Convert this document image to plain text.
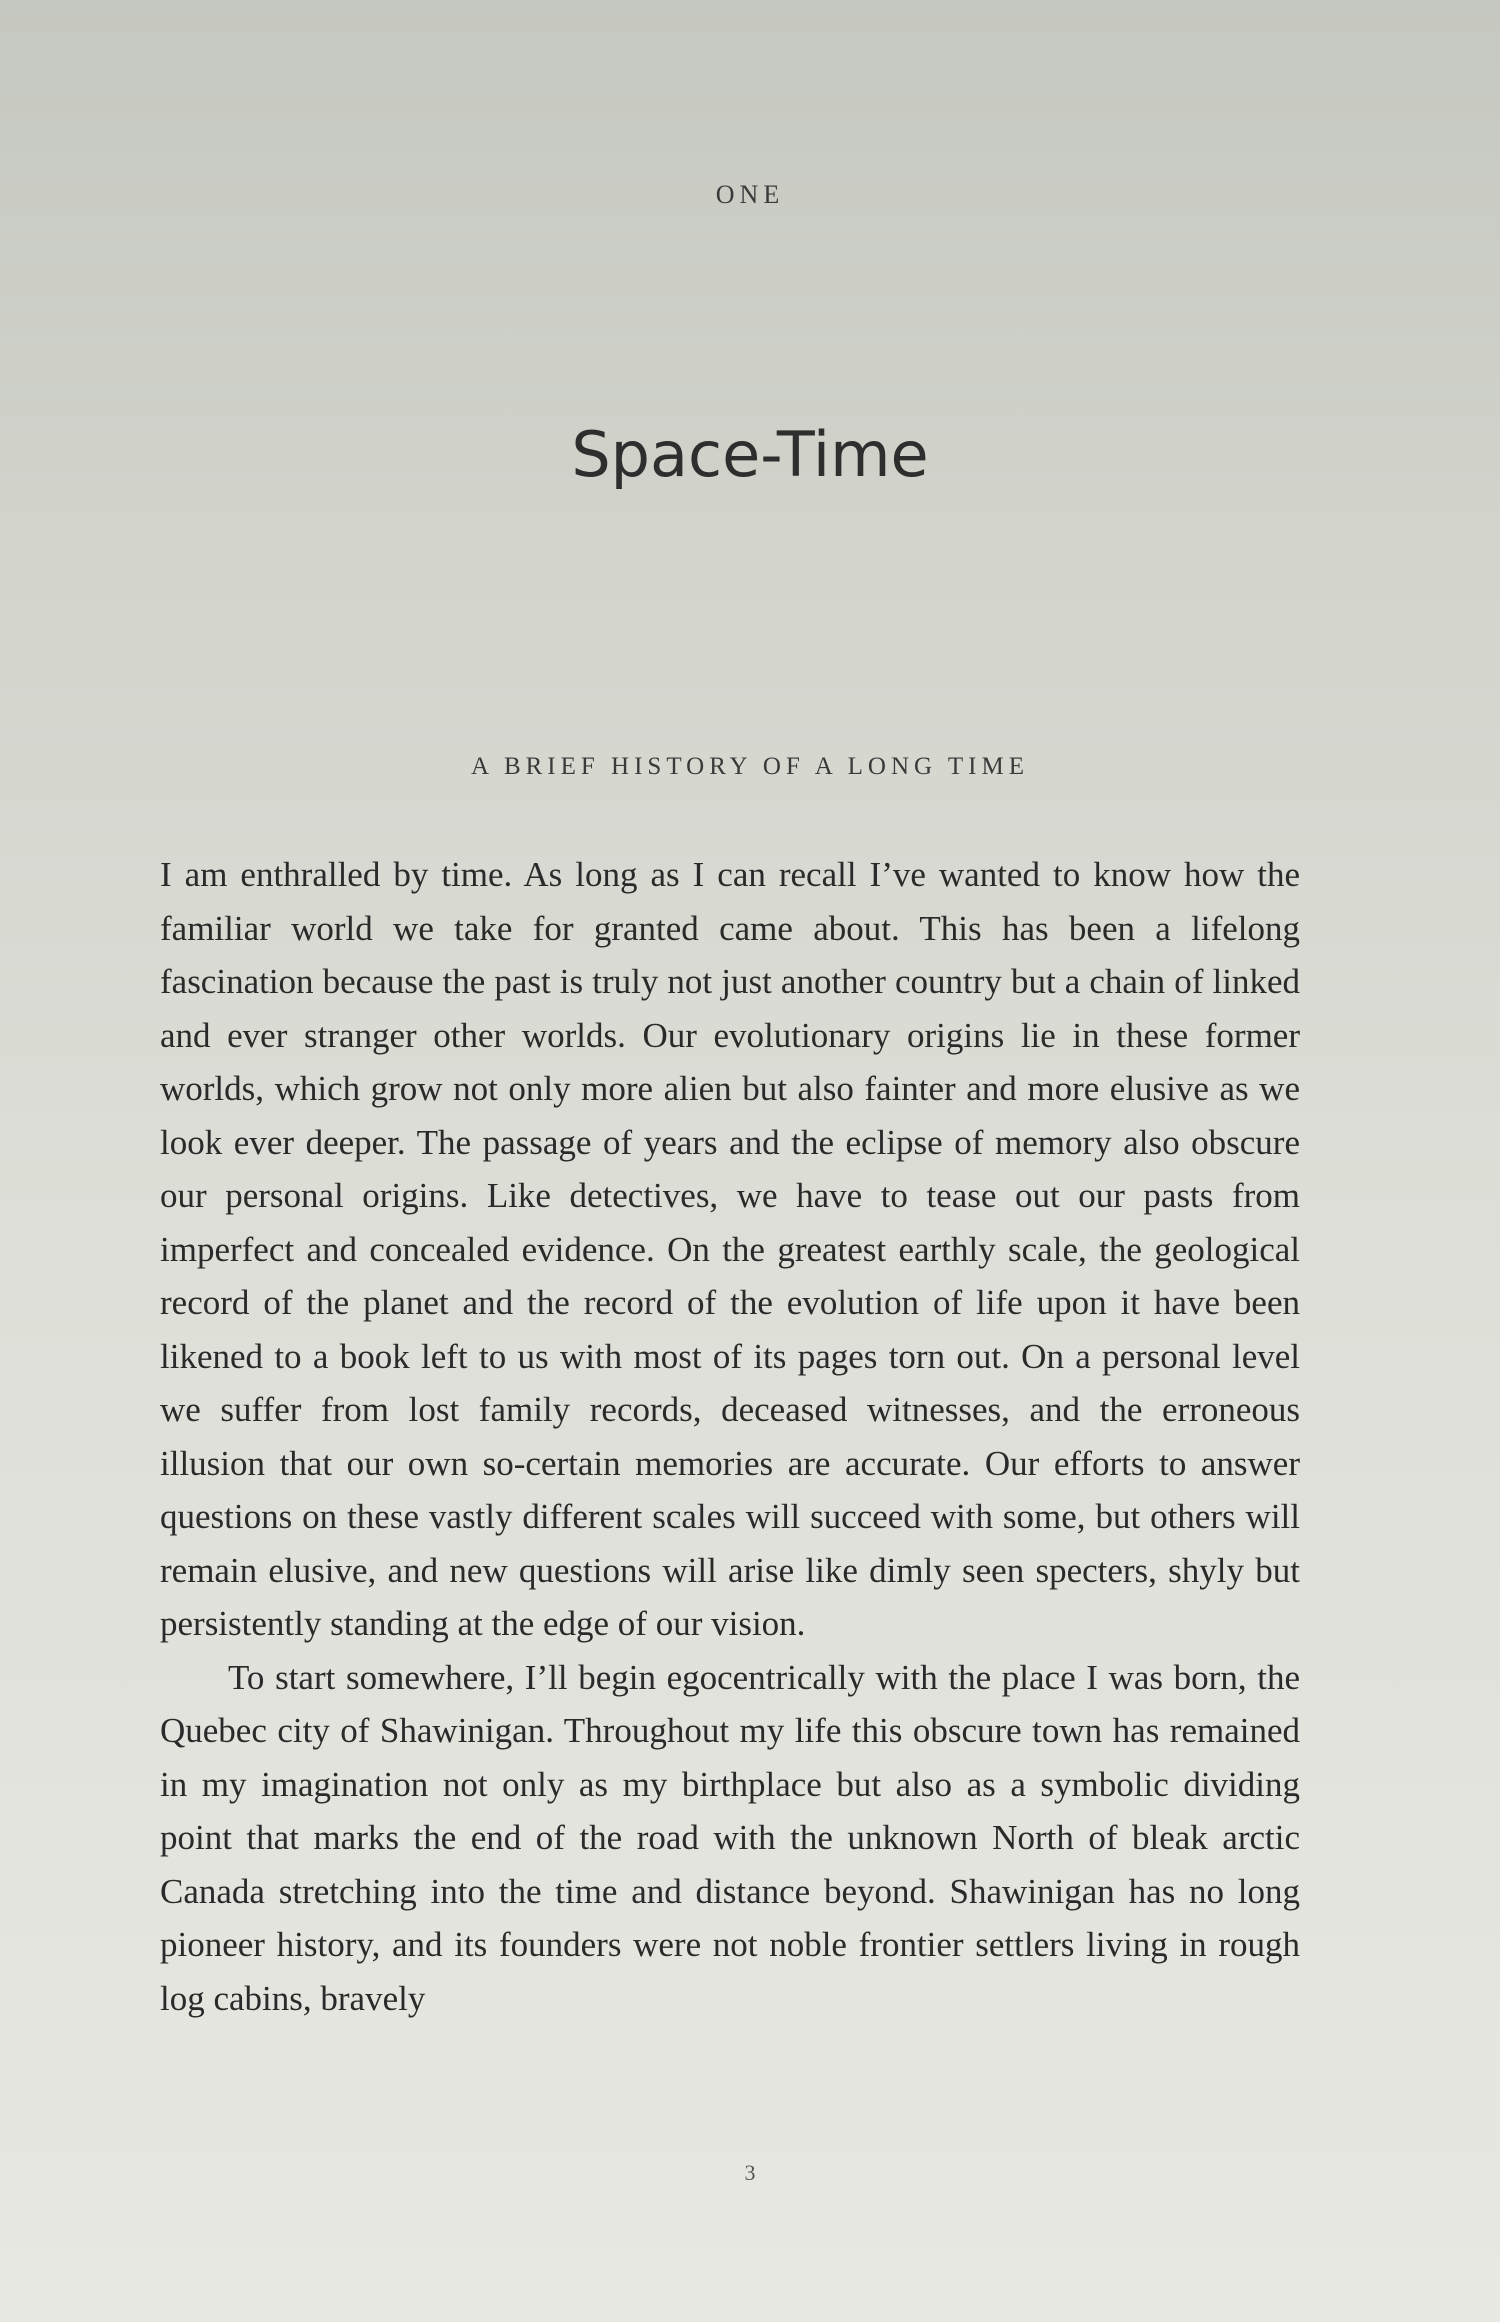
ONE
Space-Time
A BRIEF HISTORY OF A LONG TIME

I am enthralled by time. As long as I can recall I’ve wanted to know how the familiar world we take for granted came about. This has been a lifelong fascination because the past is truly not just another country but a chain of linked and ever stranger other worlds. Our evolutionary origins lie in these former worlds, which grow not only more alien but also fainter and more elusive as we look ever deeper. The passage of years and the eclipse of memory also obscure our personal origins. Like detectives, we have to tease out our pasts from imperfect and concealed evidence. On the greatest earthly scale, the geological record of the planet and the record of the evolution of life upon it have been likened to a book left to us with most of its pages torn out. On a personal level we suffer from lost family records, deceased witnesses, and the erroneous illusion that our own so-certain memories are accurate. Our efforts to answer questions on these vastly different scales will succeed with some, but others will remain elusive, and new questions will arise like dimly seen specters, shyly but persistently standing at the edge of our vision.

To start somewhere, I’ll begin egocentrically with the place I was born, the Quebec city of Shawinigan. Throughout my life this obscure town has remained in my imagination not only as my birthplace but also as a symbolic dividing point that marks the end of the road with the unknown North of bleak arctic Canada stretching into the time and distance beyond. Shawinigan has no long pioneer history, and its founders were not noble frontier settlers living in rough log cabins, bravely

3
